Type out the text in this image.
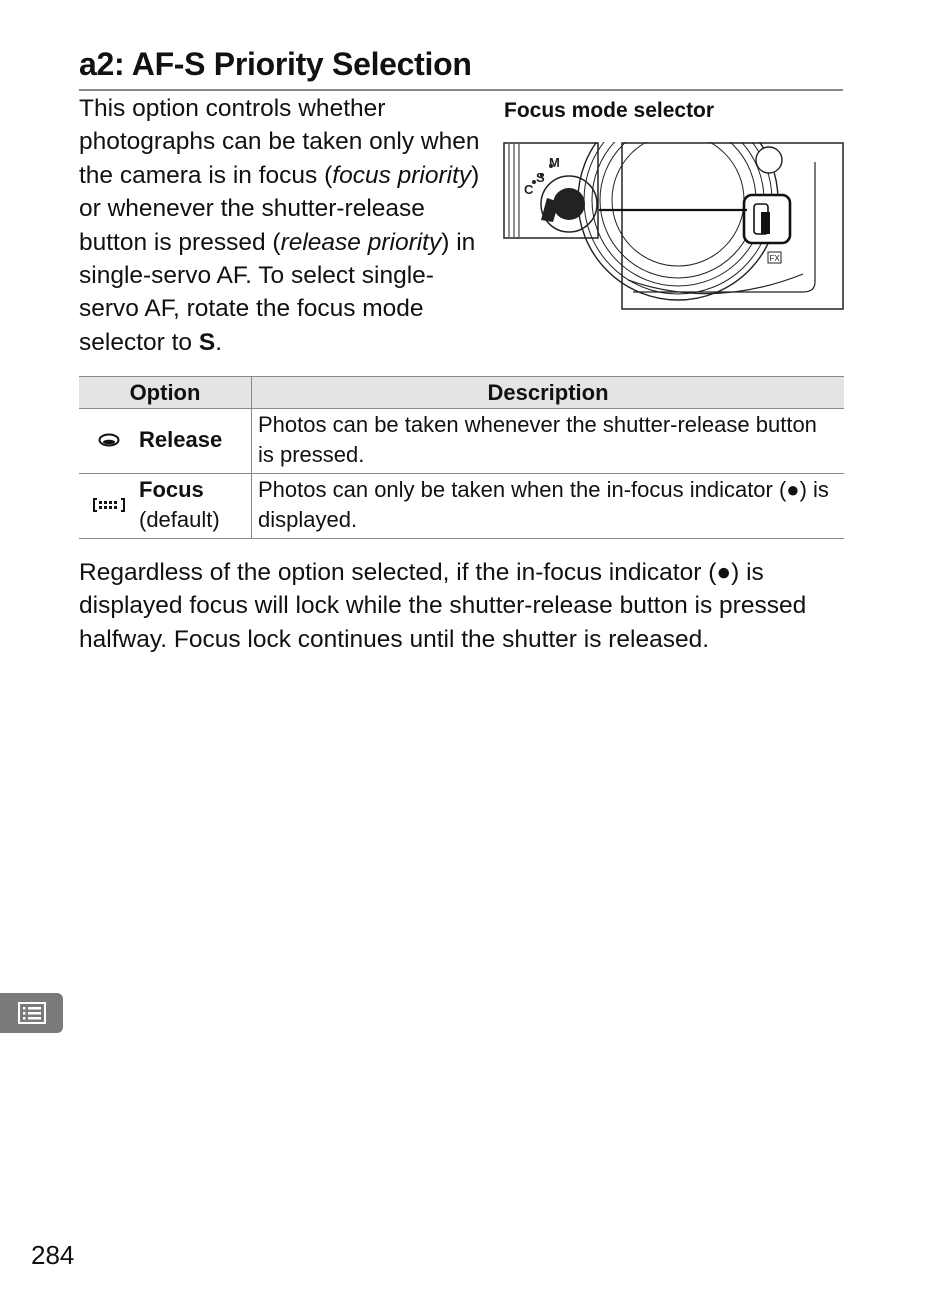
a2: AF-S Priority Selection

This option controls whether photographs can be taken only when the camera is in focus (focus priority) or whenever the shutter-release button is pressed (release priority) in single-servo AF. To select single-servo AF, rotate the focus mode selector to S.

Focus mode selector
C
S
M
FX
Option	Description

Release	Photos can be taken whenever the shutter-release button is pressed.

Focus
(default)	Photos can only be taken when the in-focus indicator (●) is displayed.

Regardless of the option selected, if the in-focus indicator (●) is displayed focus will lock while the shutter-release button is pressed halfway. Focus lock continues until the shutter is released.

284
